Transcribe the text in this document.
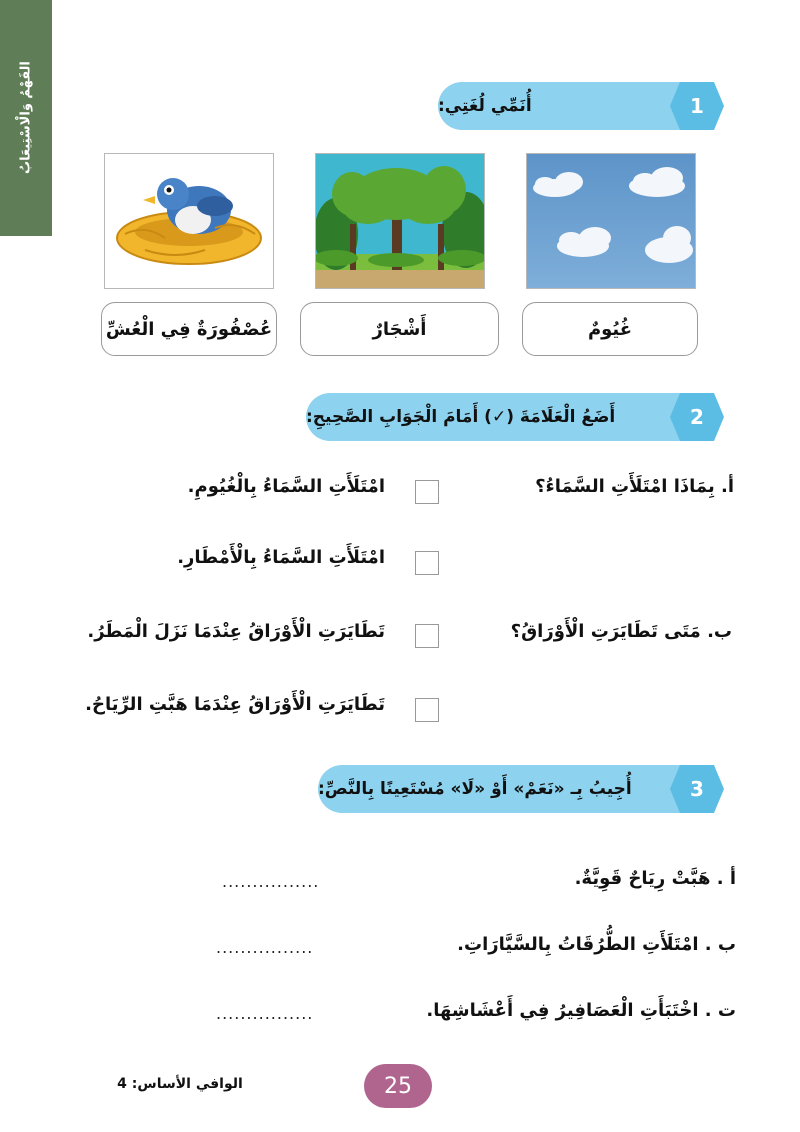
الفَهْمُ وَالْاسْتِيعَابُ	أُنَمِّي لُغَتِي:	1
غُيُومٌ
أَشْجَارٌ
عُصْفُورَةٌ فِي الْعُشِّ
أَضَعُ الْعَلَامَةَ (✓) أَمَامَ الْجَوَابِ الصَّحِيحِ:	2
أ. بِمَاذَا امْتَلَأَتِ السَّمَاءُ؟
امْتَلَأَتِ السَّمَاءُ بِالْغُيُومِ.
امْتَلَأَتِ السَّمَاءُ بِالْأَمْطَارِ.
ب. مَتَى تَطَايَرَتِ الْأَوْرَاقُ؟
تَطَايَرَتِ الْأَوْرَاقُ عِنْدَمَا نَزَلَ الْمَطَرُ.
تَطَايَرَتِ الْأَوْرَاقُ عِنْدَمَا هَبَّتِ الرِّيَاحُ.
أُجِيبُ بِـ «نَعَمْ» أَوْ «لَا» مُسْتَعِينًا بِالنَّصِّ:	3
أ . هَبَّتْ رِيَاحٌ قَوِيَّةٌ.
................
ب . امْتَلَأَتِ الطُّرُقَاتُ بِالسَّيَّارَاتِ.
................
ت . اخْتَبَأَتِ الْعَصَافِيرُ فِي أَعْشَاشِهَا.
................
25
الوافي الأساس: 4
